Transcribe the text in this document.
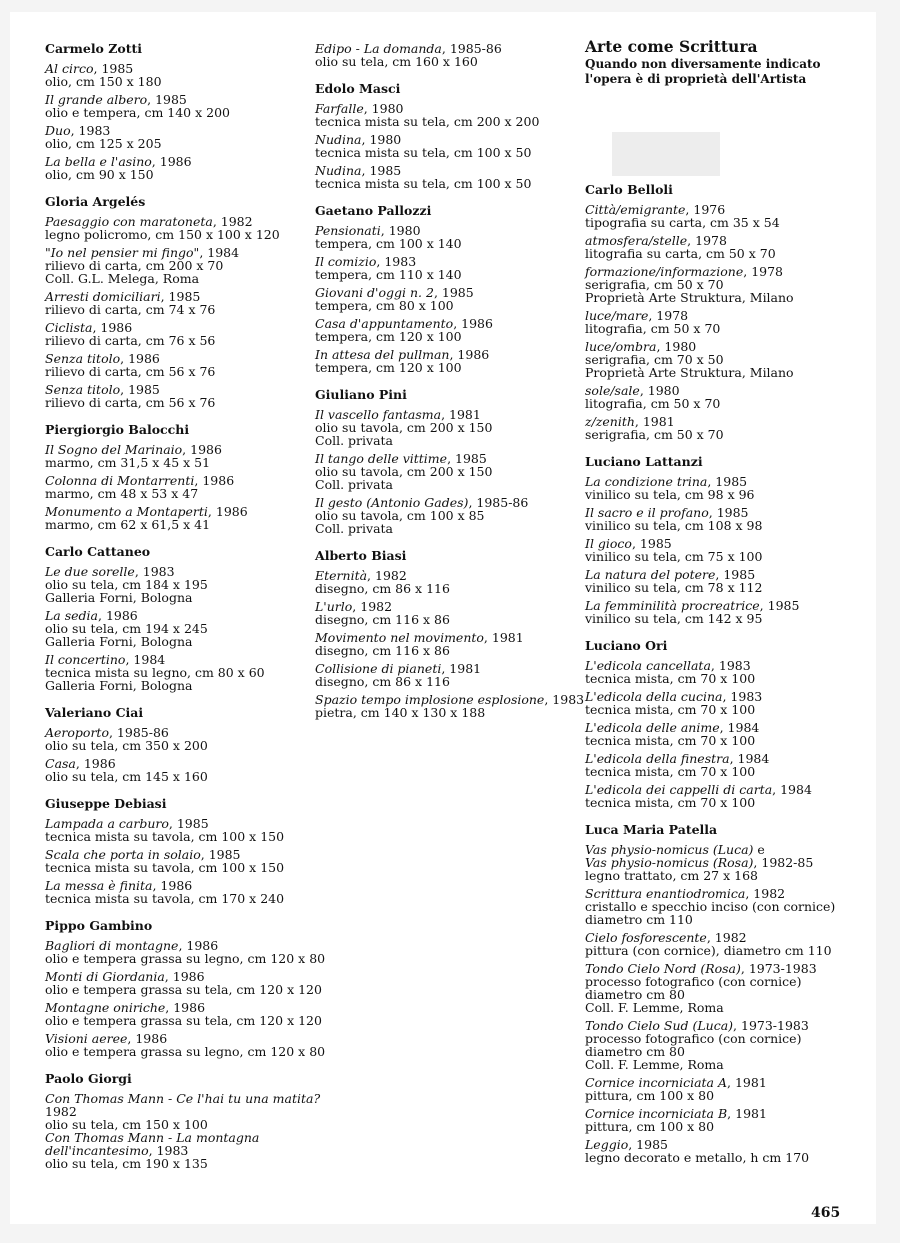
Carmelo Zotti
Al circo, 1985
olio, cm 150 x 180
Il grande albero, 1985
olio e tempera, cm 140 x 200
Duo, 1983
olio, cm 125 x 205
La bella e l'asino, 1986
olio, cm 90 x 150
Gloria Argelés
Paesaggio con maratoneta, 1982
legno policromo, cm 150 x 100 x 120
"Io nel pensier mi fingo", 1984
rilievo di carta, cm 200 x 70
Coll. G.L. Melega, Roma
Arresti domiciliari, 1985
rilievo di carta, cm 74 x 76
Ciclista, 1986
rilievo di carta, cm 76 x 56
Senza titolo, 1986
rilievo di carta, cm 56 x 76
Senza titolo, 1985
rilievo di carta, cm 56 x 76
Piergiorgio Balocchi
Il Sogno del Marinaio, 1986
marmo, cm 31,5 x 45 x 51
Colonna di Montarrenti, 1986
marmo, cm 48 x 53 x 47
Monumento a Montaperti, 1986
marmo, cm 62 x 61,5 x 41
Carlo Cattaneo
Le due sorelle, 1983
olio su tela, cm 184 x 195
Galleria Forni, Bologna
La sedia, 1986
olio su tela, cm 194 x 245
Galleria Forni, Bologna
Il concertino, 1984
tecnica mista su legno, cm 80 x 60
Galleria Forni, Bologna
Valeriano Ciai
Aeroporto, 1985-86
olio su tela, cm 350 x 200
Casa, 1986
olio su tela, cm 145 x 160
Giuseppe Debiasi
Lampada a carburo, 1985
tecnica mista su tavola, cm 100 x 150
Scala che porta in solaio, 1985
tecnica mista su tavola, cm 100 x 150
La messa è finita, 1986
tecnica mista su tavola, cm 170 x 240
Pippo Gambino
Bagliori di montagne, 1986
olio e tempera grassa su legno, cm 120 x 80
Monti di Giordania, 1986
olio e tempera grassa su tela, cm 120 x 120
Montagne oniriche, 1986
olio e tempera grassa su tela, cm 120 x 120
Visioni aeree, 1986
olio e tempera grassa su legno, cm 120 x 80
Paolo Giorgi
Con Thomas Mann - Ce l'hai tu una matita?
1982
olio su tela, cm 150 x 100
Con Thomas Mann - La montagna
dell'incantesimo, 1983
olio su tela, cm 190 x 135
Edipo - La domanda, 1985-86
olio su tela, cm 160 x 160
Edolo Masci
Farfalle, 1980
tecnica mista su tela, cm 200 x 200
Nudina, 1980
tecnica mista su tela, cm 100 x 50
Nudina, 1985
tecnica mista su tela, cm 100 x 50
Gaetano Pallozzi
Pensionati, 1980
tempera, cm 100 x 140
Il comizio, 1983
tempera, cm 110 x 140
Giovani d'oggi n. 2, 1985
tempera, cm 80 x 100
Casa d'appuntamento, 1986
tempera, cm 120 x 100
In attesa del pullman, 1986
tempera, cm 120 x 100
Giuliano Pini
Il vascello fantasma, 1981
olio su tavola, cm 200 x 150
Coll. privata
Il tango delle vittime, 1985
olio su tavola, cm 200 x 150
Coll. privata
Il gesto (Antonio Gades), 1985-86
olio su tavola, cm 100 x 85
Coll. privata
Alberto Biasi
Eternità, 1982
disegno, cm 86 x 116
L'urlo, 1982
disegno, cm 116 x 86
Movimento nel movimento, 1981
disegno, cm 116 x 86
Collisione di pianeti, 1981
disegno, cm 86 x 116
Spazio tempo implosione esplosione, 1983
pietra, cm 140 x 130 x 188
Arte come Scrittura
Quando non diversamente indicato
l'opera è di proprietà dell'Artista
Carlo Belloli
Città/emigrante, 1976
tipografia su carta, cm 35 x 54
atmosfera/stelle, 1978
litografia su carta, cm 50 x 70
formazione/informazione, 1978
serigrafia, cm 50 x 70
Proprietà Arte Struktura, Milano
luce/mare, 1978
litografia, cm 50 x 70
luce/ombra, 1980
serigrafia, cm 70 x 50
Proprietà Arte Struktura, Milano
sole/sale, 1980
litografia, cm 50 x 70
z/zenith, 1981
serigrafia, cm 50 x 70
Luciano Lattanzi
La condizione trina, 1985
vinilico su tela, cm 98 x 96
Il sacro e il profano, 1985
vinilico su tela, cm 108 x 98
Il gioco, 1985
vinilico su tela, cm 75 x 100
La natura del potere, 1985
vinilico su tela, cm 78 x 112
La femminilità procreatrice, 1985
vinilico su tela, cm 142 x 95
Luciano Ori
L'edicola cancellata, 1983
tecnica mista, cm 70 x 100
L'edicola della cucina, 1983
tecnica mista, cm 70 x 100
L'edicola delle anime, 1984
tecnica mista, cm 70 x 100
L'edicola della finestra, 1984
tecnica mista, cm 70 x 100
L'edicola dei cappelli di carta, 1984
tecnica mista, cm 70 x 100
Luca Maria Patella
Vas physio-nomicus (Luca) e
Vas physio-nomicus (Rosa), 1982-85
legno trattato, cm 27 x 168
Scrittura enantiodromica, 1982
cristallo e specchio inciso (con cornice)
diametro cm 110
Cielo fosforescente, 1982
pittura (con cornice), diametro cm 110
Tondo Cielo Nord (Rosa), 1973-1983
processo fotografico (con cornice)
diametro cm 80
Coll. F. Lemme, Roma
Tondo Cielo Sud (Luca), 1973-1983
processo fotografico (con cornice)
diametro cm 80
Coll. F. Lemme, Roma
Cornice incorniciata A, 1981
pittura, cm 100 x 80
Cornice incorniciata B, 1981
pittura, cm 100 x 80
Leggio, 1985
legno decorato e metallo, h cm 170
465
